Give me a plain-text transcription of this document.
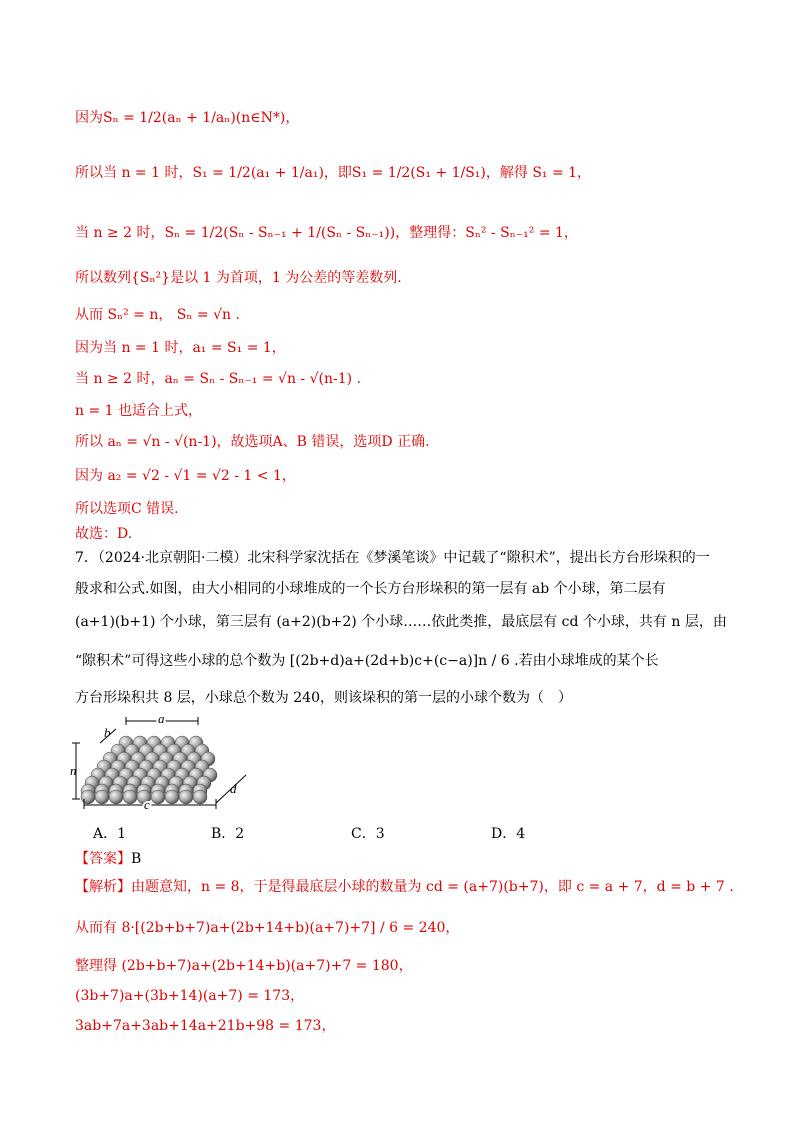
因为Sₙ = 1/2(aₙ + 1/aₙ)(n∈N*)，
所以当 n = 1 时，S₁ = 1/2(a₁ + 1/a₁)，即S₁ = 1/2(S₁ + 1/S₁)，解得 S₁ = 1，
当 n ≥ 2 时，Sₙ = 1/2(Sₙ - Sₙ₋₁ + 1/(Sₙ - Sₙ₋₁))，整理得：Sₙ² - Sₙ₋₁² = 1，
所以数列{Sₙ²}是以 1 为首项，1 为公差的等差数列.
从而 Sₙ² = n， Sₙ = √n .
因为当 n = 1 时，a₁ = S₁ = 1，
当 n ≥ 2 时，aₙ = Sₙ - Sₙ₋₁ = √n - √(n-1) .
n = 1 也适合上式，
所以 aₙ = √n - √(n-1)，故选项A、B 错误，选项D 正确.
因为 a₂ = √2 - √1 = √2 - 1 < 1，
所以选项C 错误.
故选：D.
7．（2024·北京朝阳·二模）北宋科学家沈括在《梦溪笔谈》中记载了“隙积术”，提出长方台形垛积的一
般求和公式.如图，由大小相同的小球堆成的一个长方台形垛积的第一层有 ab 个小球，第二层有
(a+1)(b+1) 个小球，第三层有 (a+2)(b+2) 个小球……依此类推，最底层有 cd 个小球，共有 n 层，由
“隙积术”可得这些小球的总个数为 [(2b+d)a+(2d+b)c+(c−a)]n / 6 .若由小球堆成的某个长
方台形垛积共 8 层，小球总个数为 240，则该垛积的第一层的小球个数为（　）
a
b
n
c
d
A．1	B．2	C．3	D．4
【答案】B
【解析】由题意知，n = 8，于是得最底层小球的数量为 cd = (a+7)(b+7)，即 c = a + 7，d = b + 7 .
从而有 8·[(2b+b+7)a+(2b+14+b)(a+7)+7] / 6 = 240，
整理得 (2b+b+7)a+(2b+14+b)(a+7)+7 = 180，
(3b+7)a+(3b+14)(a+7) = 173，
3ab+7a+3ab+14a+21b+98 = 173，
